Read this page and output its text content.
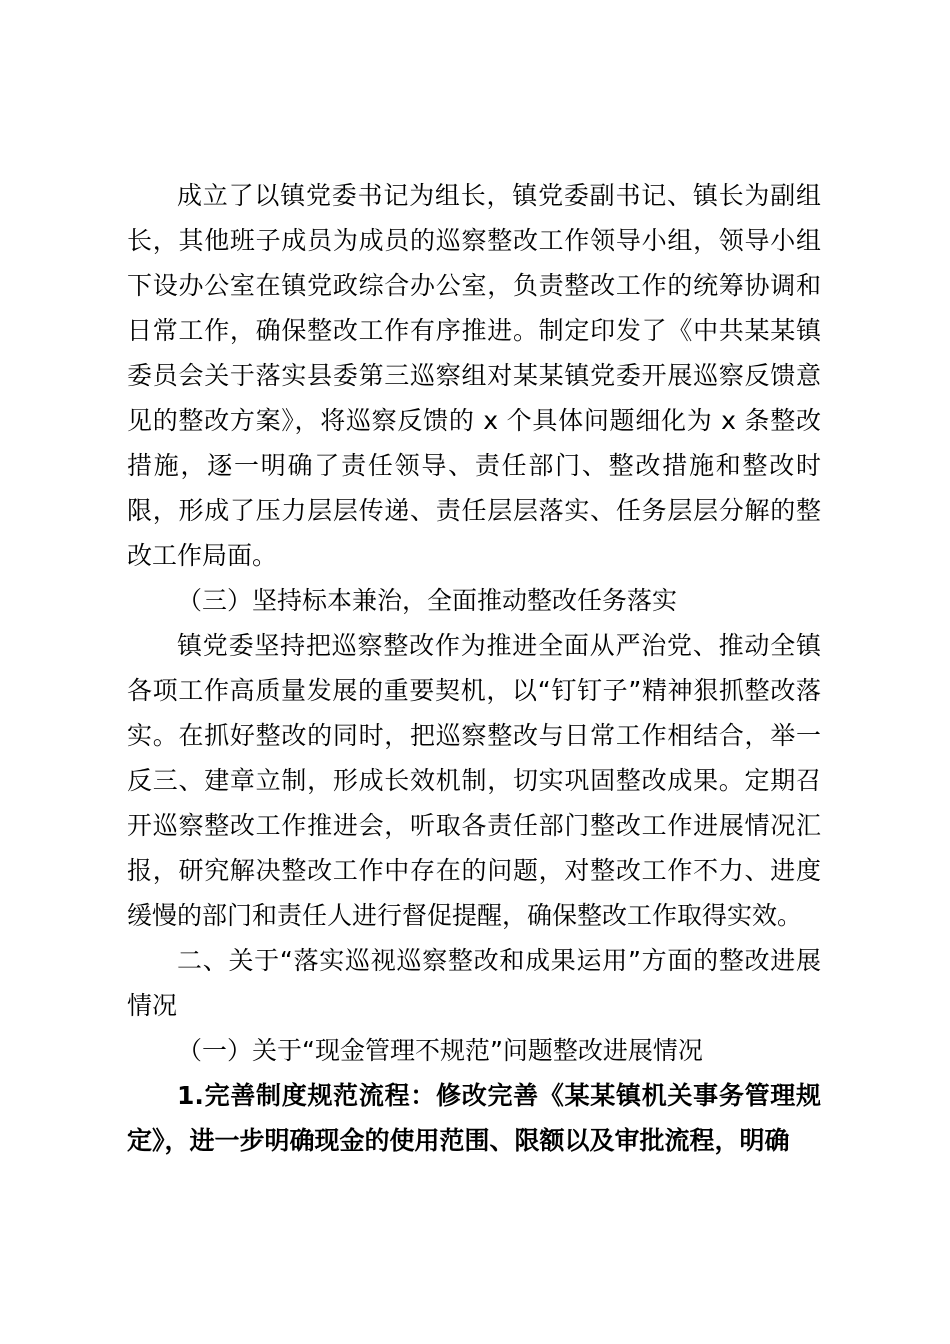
成立了以镇党委书记为组长，镇党委副书记、镇长为副组长，其他班子成员为成员的巡察整改工作领导小组，领导小组下设办公室在镇党政综合办公室，负责整改工作的统筹协调和日常工作，确保整改工作有序推进。制定印发了《中共某某镇委员会关于落实县委第三巡察组对某某镇党委开展巡察反馈意见的整改方案》，将巡察反馈的 x 个具体问题细化为 x 条整改措施，逐一明确了责任领导、责任部门、整改措施和整改时限，形成了压力层层传递、责任层层落实、任务层层分解的整改工作局面。

（三）坚持标本兼治，全面推动整改任务落实

镇党委坚持把巡察整改作为推进全面从严治党、推动全镇各项工作高质量发展的重要契机，以“钉钉子”精神狠抓整改落实。在抓好整改的同时，把巡察整改与日常工作相结合，举一反三、建章立制，形成长效机制，切实巩固整改成果。定期召开巡察整改工作推进会，听取各责任部门整改工作进展情况汇报，研究解决整改工作中存在的问题，对整改工作不力、进度缓慢的部门和责任人进行督促提醒，确保整改工作取得实效。

二、关于“落实巡视巡察整改和成果运用”方面的整改进展情况

（一）关于“现金管理不规范”问题整改进展情况

1.完善制度规范流程：修改完善《某某镇机关事务管理规定》，进一步明确现金的使用范围、限额以及审批流程，明确
